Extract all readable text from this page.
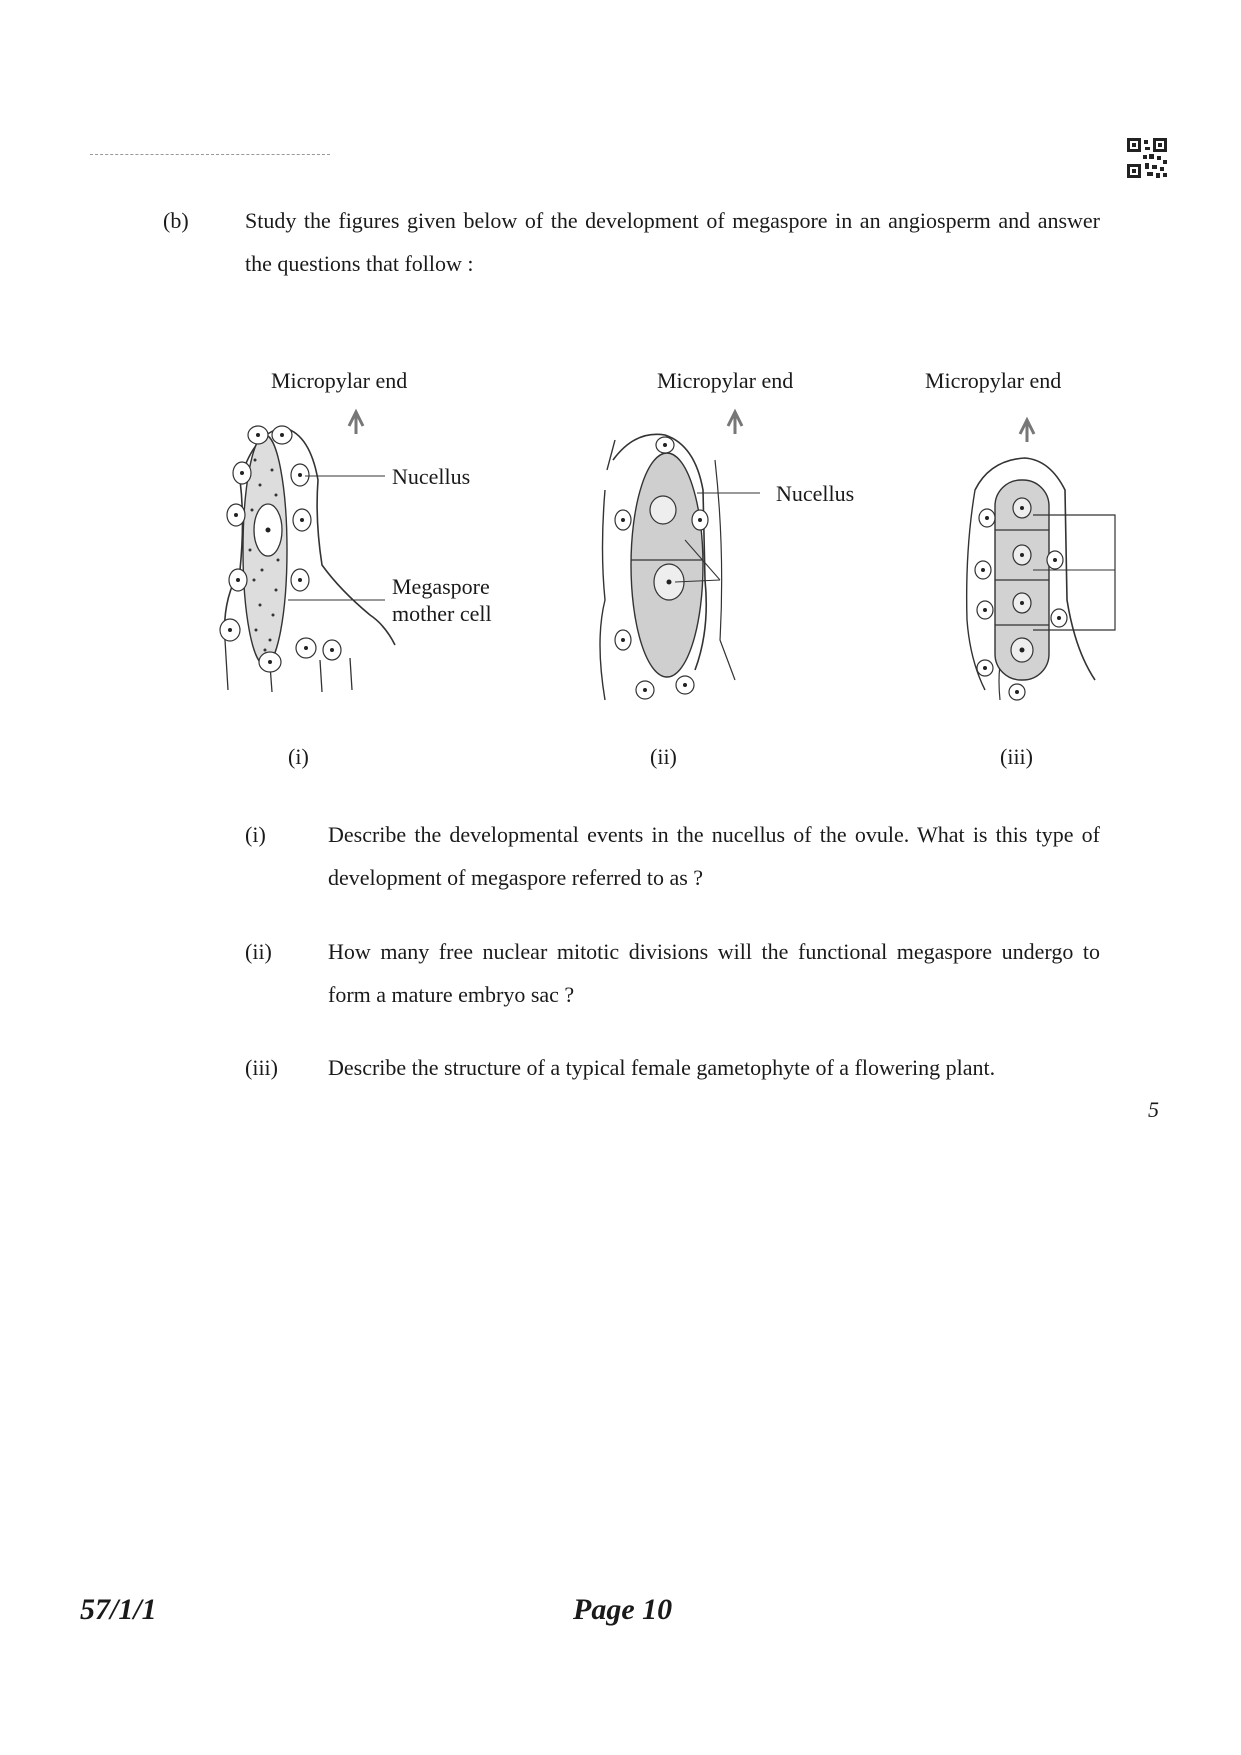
(b)	Study the figures given below of the development of megaspore in an angiosperm and answer the questions that follow :
Micropylar end	Micropylar end	Micropylar end
Nucellus
Megaspore
mother cell
Nucellus
(i)	(ii)	(iii)
(i)	Describe the developmental events in the nucellus of the ovule. What is this type of development of megaspore referred to as ?
(ii)	How many free nuclear mitotic divisions will the functional megaspore undergo to form a mature embryo sac ?
(iii) Describe the structure of a typical female gametophyte of a flowering plant.
5
57/1/1	Page 10
